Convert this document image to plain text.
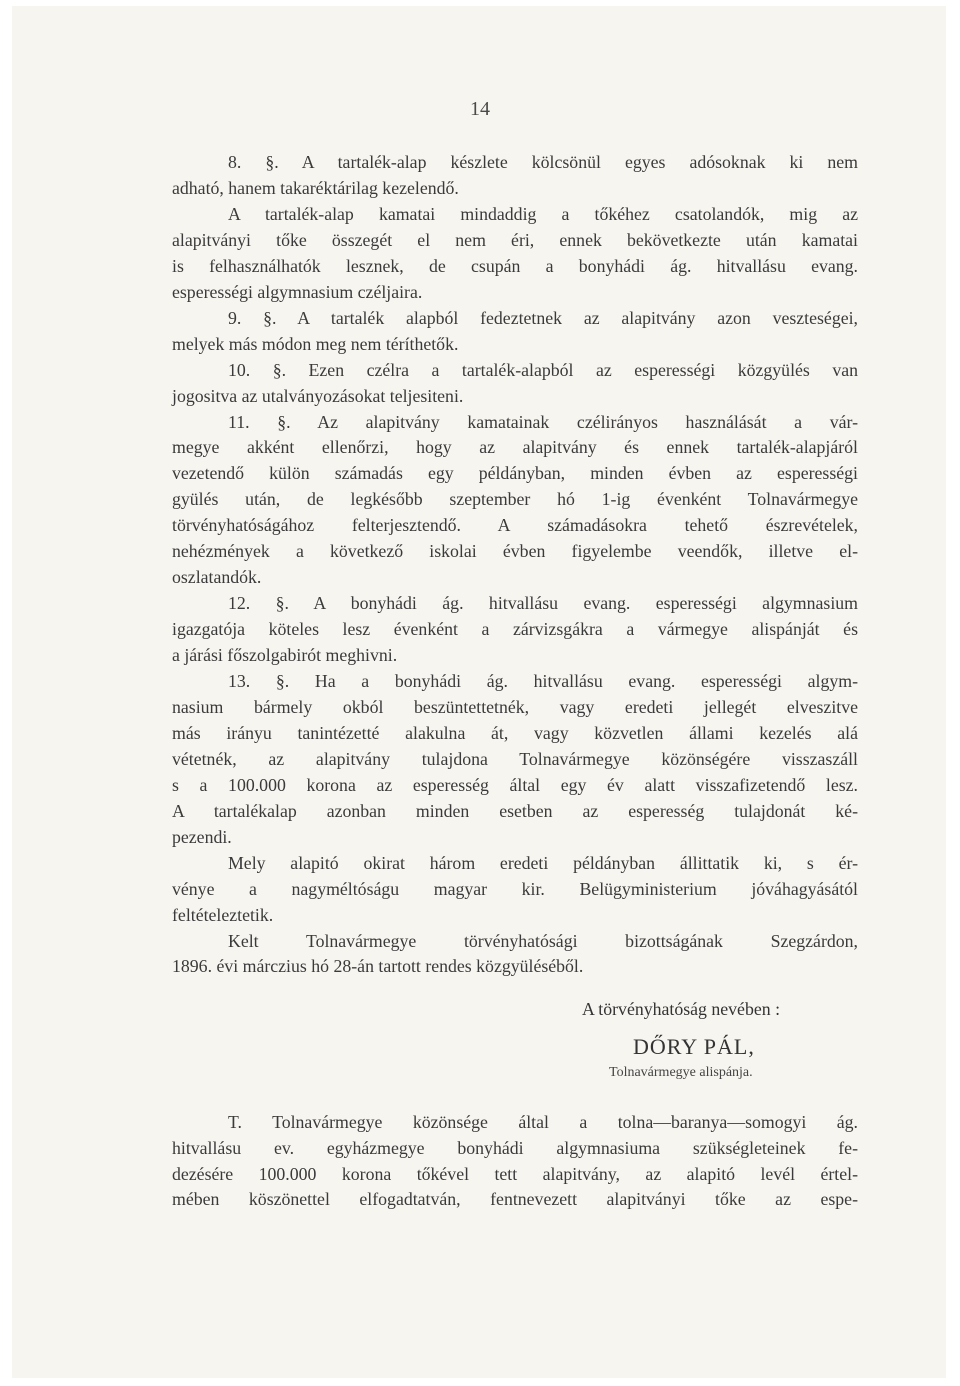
14
8. §. A tartalék-alap készlete kölcsönül egyes adósoknak ki nem
adható, hanem takaréktárilag kezelendő.
A tartalék-alap kamatai mindaddig a tőkéhez csatolandók, mig az
alapitványi tőke összegét el nem éri, ennek bekövetkezte után kamatai
is felhasználhatók lesznek, de csupán a bonyhádi ág. hitvallásu evang.
esperességi algymnasium czéljaira.
9. §. A tartalék alapból fedeztetnek az alapitvány azon veszteségei,
melyek más módon meg nem téríthetők.
10. §. Ezen czélra a tartalék-alapból az esperességi közgyülés van
jogositva az utalványozásokat teljesiteni.
11. §. Az alapitvány kamatainak czélirányos használását a vár-
megye akként ellenőrzi, hogy az alapitvány és ennek tartalék-alapjáról
vezetendő külön számadás egy példányban, minden évben az esperességi
gyülés után, de legkésőbb szeptember hó 1-ig évenként Tolnavármegye
törvényhatóságához felterjesztendő. A számadásokra tehető észrevételek,
nehézmények a következő iskolai évben figyelembe veendők, illetve el-
oszlatandók.
12. §. A bonyhádi ág. hitvallásu evang. esperességi algymnasium
igazgatója köteles lesz évenként a zárvizsgákra a vármegye alispánját és
a járási főszolgabirót meghivni.
13. §. Ha a bonyhádi ág. hitvallásu evang. esperességi algym-
nasium bármely okból beszüntettetnék, vagy eredeti jellegét elveszitve
más irányu tanintézetté alakulna át, vagy közvetlen állami kezelés alá
vétetnék, az alapitvány tulajdona Tolnavármegye közönségére visszaszáll
s a 100.000 korona az esperesség által egy év alatt visszafizetendő lesz.
A tartalékalap azonban minden esetben az esperesség tulajdonát ké-
pezendi.
Mely alapitó okirat három eredeti példányban állittatik ki, s ér-
vénye a nagyméltóságu magyar kir. Belügyministerium jóváhagyásától
feltételeztetik.
Kelt Tolnavármegye törvényhatósági bizottságának Szegzárdon,
1896. évi márczius hó 28-án tartott rendes közgyüléséből.
A törvényhatóság nevében :
DŐRY PÁL,
Tolnavármegye alispánja.
T. Tolnavármegye közönsége által a tolna—baranya—somogyi ág.
hitvallásu ev. egyházmegye bonyhádi algymnasiuma szükségleteinek fe-
dezésére 100.000 korona tőkével tett alapitvány, az alapitó levél értel-
mében köszönettel elfogadtatván, fentnevezett alapitványi tőke az espe-
